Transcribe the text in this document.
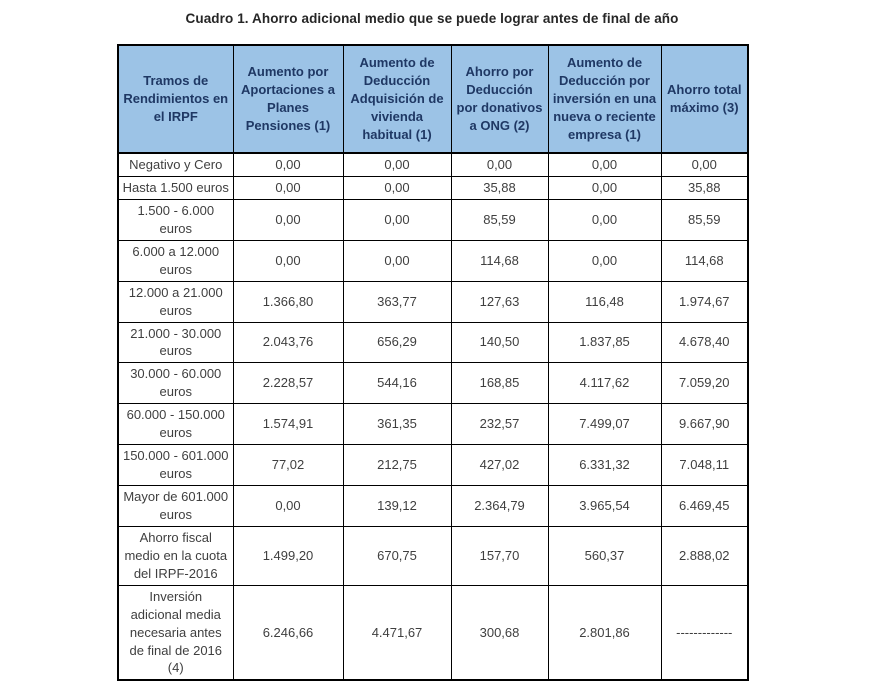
Cuadro 1. Ahorro adicional medio que se puede lograr antes de final de año
Tramos de Rendimientos en el IRPF	Aumento por Aportaciones a Planes Pensiones (1)	Aumento de Deducción Adquisición de vivienda habitual (1)	Ahorro por Deducción por donativos a ONG (2)	Aumento de Deducción por inversión en una nueva o reciente empresa (1)	Ahorro total máximo (3)
Negativo y Cero	0,00	0,00	0,00	0,00	0,00
Hasta 1.500 euros	0,00	0,00	35,88	0,00	35,88
1.500 - 6.000 euros	0,00	0,00	85,59	0,00	85,59
6.000 a 12.000 euros	0,00	0,00	114,68	0,00	114,68
12.000 a 21.000 euros	1.366,80	363,77	127,63	116,48	1.974,67
21.000 - 30.000 euros	2.043,76	656,29	140,50	1.837,85	4.678,40
30.000 - 60.000 euros	2.228,57	544,16	168,85	4.117,62	7.059,20
60.000 - 150.000 euros	1.574,91	361,35	232,57	7.499,07	9.667,90
150.000 - 601.000 euros	77,02	212,75	427,02	6.331,32	7.048,11
Mayor de 601.000 euros	0,00	139,12	2.364,79	3.965,54	6.469,45
Ahorro fiscal medio en la cuota del IRPF-2016	1.499,20	670,75	157,70	560,37	2.888,02
Inversión adicional media necesaria antes de final de 2016 (4)	6.246,66	4.471,67	300,68	2.801,86	-------------
